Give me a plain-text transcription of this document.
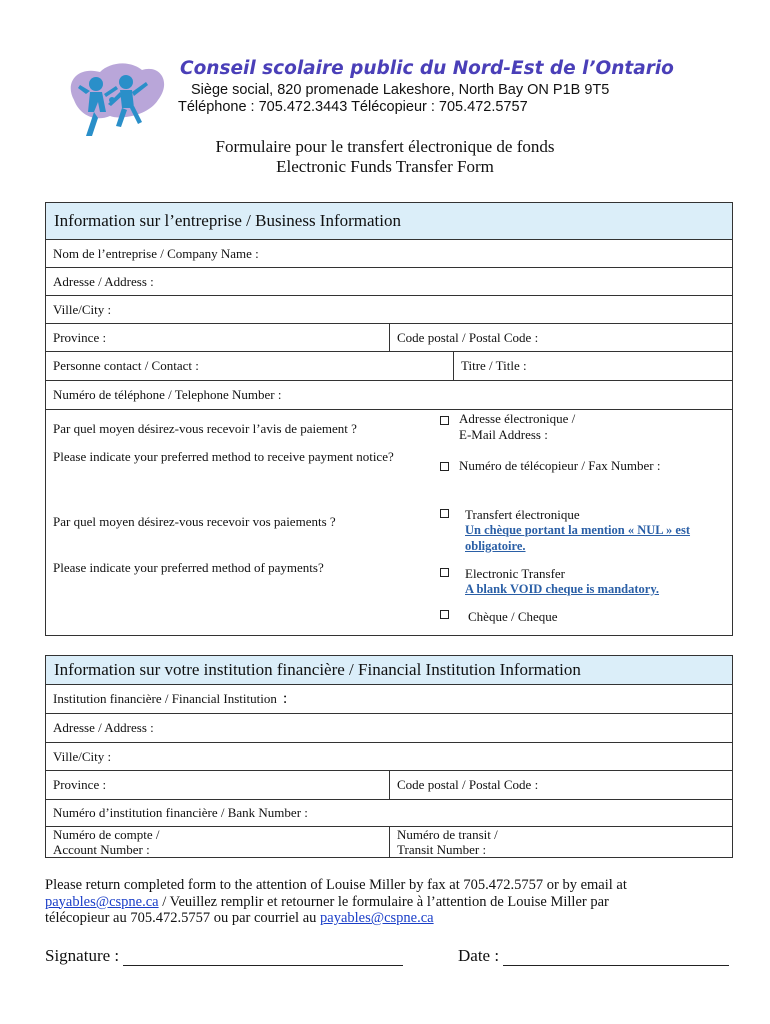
Conseil scolaire public du Nord-Est de l’Ontario
Siège social, 820 promenade Lakeshore, North Bay ON P1B 9T5
Téléphone : 705.472.3443 Télécopieur : 705.472.5757
Formulaire pour le transfert électronique de fonds
Electronic Funds Transfer Form
Information sur l’entreprise / Business Information
Nom de l’entreprise / Company Name :
Adresse / Address :
Ville/City :
Province :	Code postal / Postal Code :
Personne contact / Contact :	Titre / Title :
Numéro de téléphone / Telephone Number :
Par quel moyen désirez-vous recevoir l’avis de paiement ?
Please indicate your preferred method to receive payment notice?
Adresse électronique /
E-Mail Address :
Numéro de télécopieur / Fax Number :
Par quel moyen désirez-vous recevoir vos paiements ?
Please indicate your preferred method of payments?
Transfert électronique
Un chèque portant la mention « NUL » est
obligatoire.
Electronic Transfer
A blank VOID cheque is mandatory.
Chèque / Cheque
Information sur votre institution financière / Financial Institution Information
Institution financière / Financial Institution :
Adresse / Address :
Ville/City :
Province :	Code postal / Postal Code :
Numéro d’institution financière / Bank Number :
Numéro de compte /
Account Number :
Numéro de transit /
Transit Number :
Please return completed form to the attention of Louise Miller by fax at 705.472.5757 or by email at
payables@cspne.ca / Veuillez remplir et retourner le formulaire à l’attention de Louise Miller par
télécopieur au 705.472.5757 ou par courriel au payables@cspne.ca
Signature :	Date :
